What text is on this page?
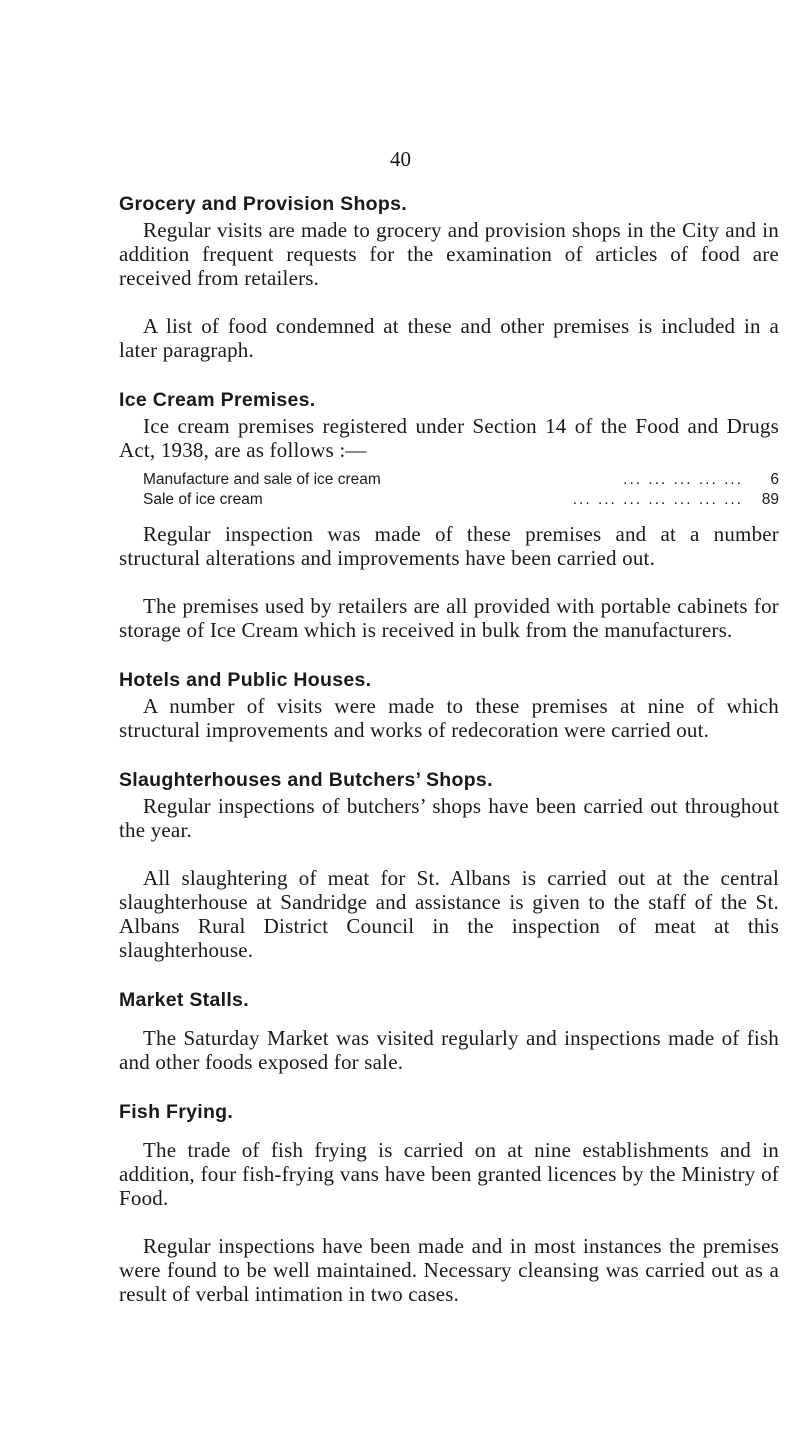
40
Grocery and Provision Shops.

Regular visits are made to grocery and provision shops in the City and in addition frequent requests for the examination of articles of food are received from retailers.

A list of food condemned at these and other premises is included in a later paragraph.

Ice Cream Premises.

Ice cream premises registered under Section 14 of the Food and Drugs Act, 1938, are as follows :—

Manufacture and sale of ice cream	... ... ... ... ...	6
Sale of ice cream	... ... ... ... ... ... ...	89

Regular inspection was made of these premises and at a number structural alterations and improvements have been carried out.

The premises used by retailers are all provided with portable cabinets for storage of Ice Cream which is received in bulk from the manufacturers.

Hotels and Public Houses.

A number of visits were made to these premises at nine of which structural improvements and works of redecoration were carried out.

Slaughterhouses and Butchers’ Shops.

Regular inspections of butchers’ shops have been carried out throughout the year.

All slaughtering of meat for St. Albans is carried out at the central slaughterhouse at Sandridge and assistance is given to the staff of the St. Albans Rural District Council in the inspection of meat at this slaughterhouse.

Market Stalls.

The Saturday Market was visited regularly and inspections made of fish and other foods exposed for sale.

Fish Frying.

The trade of fish frying is carried on at nine establishments and in addition, four fish-frying vans have been granted licences by the Ministry of Food.

Regular inspections have been made and in most instances the premises were found to be well maintained. Necessary cleansing was carried out as a result of verbal intimation in two cases.
